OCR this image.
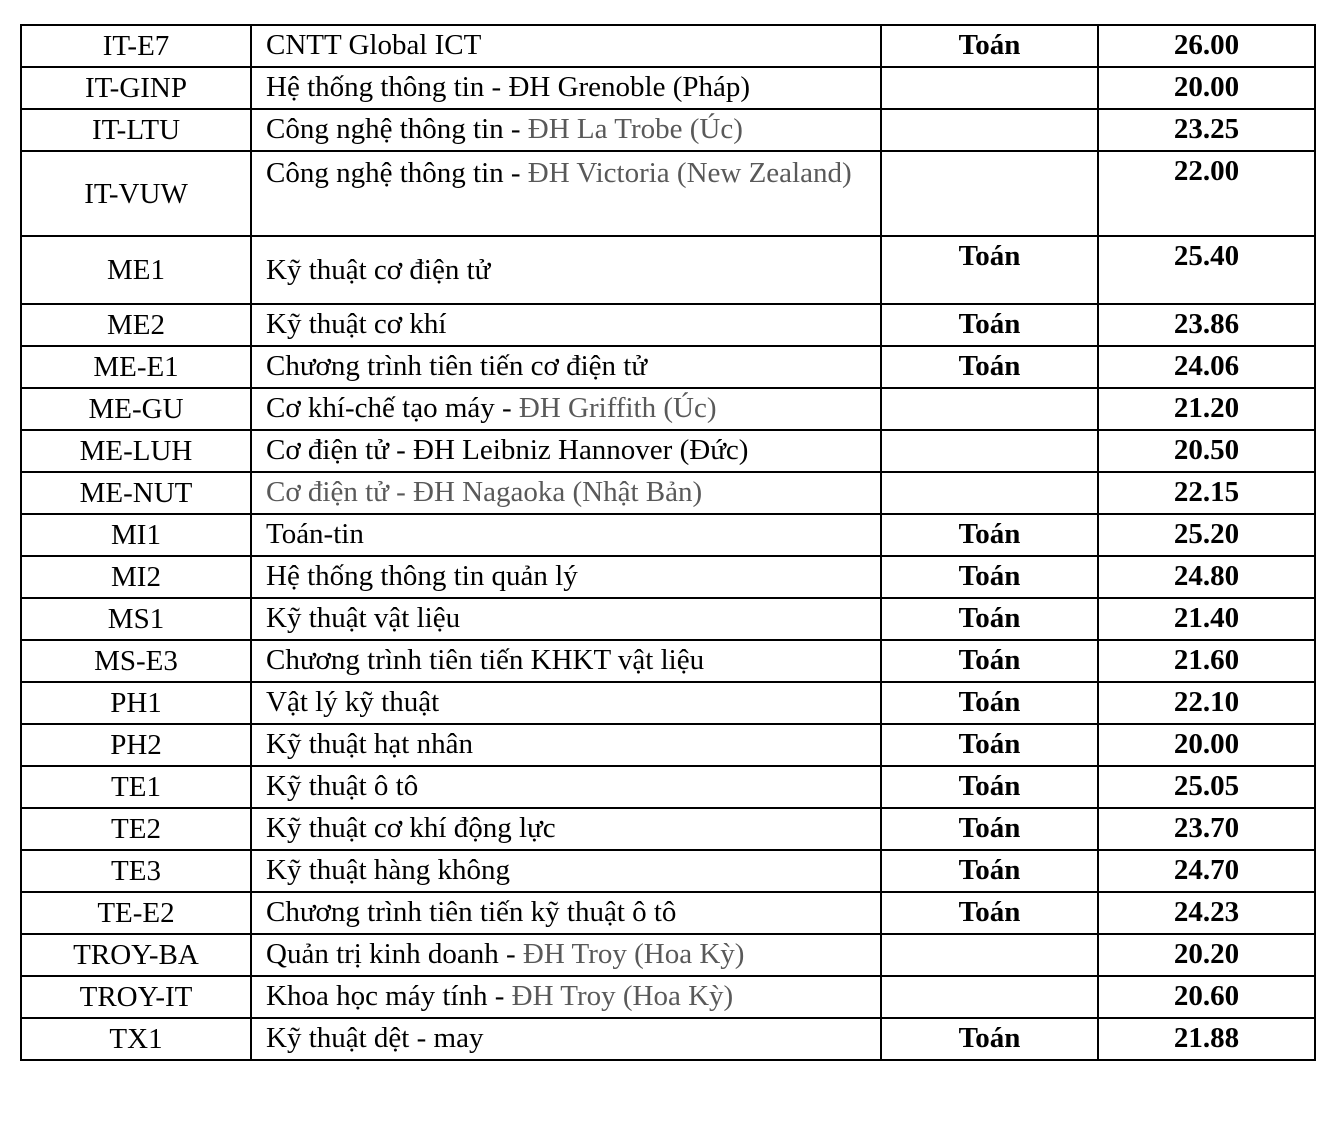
IT-E7	CNTT Global ICT	Toán	26.00
IT-GINP	Hệ thống thông tin - ĐH Grenoble (Pháp)		20.00
IT-LTU	Công nghệ thông tin - ĐH La Trobe (Úc)		23.25
IT-VUW	Công nghệ thông tin - ĐH Victoria (New Zealand)		22.00
ME1	Kỹ thuật cơ điện tử	Toán	25.40
ME2	Kỹ thuật cơ khí	Toán	23.86
ME-E1	Chương trình tiên tiến cơ điện tử	Toán	24.06
ME-GU	Cơ khí-chế tạo máy - ĐH Griffith (Úc)		21.20
ME-LUH	Cơ điện tử - ĐH Leibniz Hannover (Đức)		20.50
ME-NUT	Cơ điện tử - ĐH Nagaoka (Nhật Bản)		22.15
MI1	Toán-tin	Toán	25.20
MI2	Hệ thống thông tin quản lý	Toán	24.80
MS1	Kỹ thuật vật liệu	Toán	21.40
MS-E3	Chương trình tiên tiến KHKT vật liệu	Toán	21.60
PH1	Vật lý kỹ thuật	Toán	22.10
PH2	Kỹ thuật hạt nhân	Toán	20.00
TE1	Kỹ thuật ô tô	Toán	25.05
TE2	Kỹ thuật cơ khí động lực	Toán	23.70
TE3	Kỹ thuật hàng không	Toán	24.70
TE-E2	Chương trình tiên tiến kỹ thuật ô tô	Toán	24.23
TROY-BA	Quản trị kinh doanh - ĐH Troy (Hoa Kỳ)		20.20
TROY-IT	Khoa học máy tính - ĐH Troy (Hoa Kỳ)		20.60
TX1	Kỹ thuật dệt - may	Toán	21.88
